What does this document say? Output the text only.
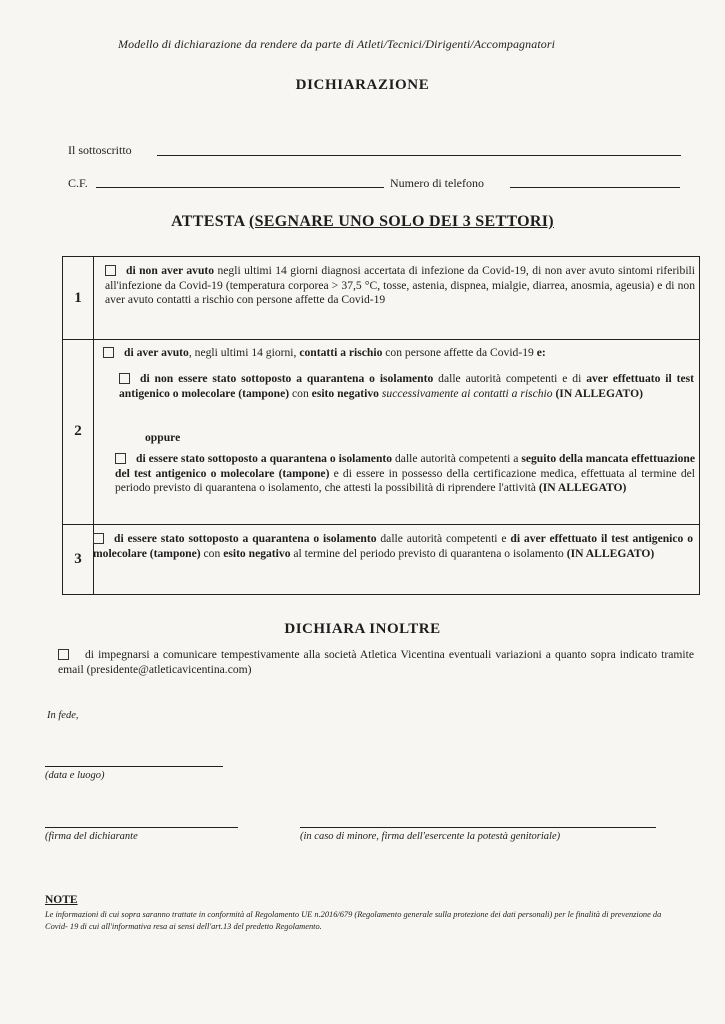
Modello di dichiarazione da rendere da parte di Atleti/Tecnici/Dirigenti/Accompagnatori
DICHIARAZIONE
Il sottoscritto
C.F.	Numero di telefono
ATTESTA (SEGNARE UNO SOLO DEI 3 SETTORI)
1
di non aver avuto negli ultimi 14 giorni diagnosi accertata di infezione da Covid-19, di non aver avuto sintomi riferibili all'infezione da Covid-19 (temperatura corporea > 37,5 °C, tosse, astenia, dispnea, mialgie, diarrea, anosmia, ageusia) e di non aver avuto contatti a rischio con persone affette da Covid-19
2
di aver avuto, negli ultimi 14 giorni, contatti a rischio con persone affette da Covid-19 e:
di non essere stato sottoposto a quarantena o isolamento dalle autorità competenti e di aver effettuato il test antigenico o molecolare (tampone) con esito negativo successivamente ai contatti a rischio (IN ALLEGATO)
oppure
di essere stato sottoposto a quarantena o isolamento dalle autorità competenti a seguito della mancata effettuazione del test antigenico o molecolare (tampone) e di essere in possesso della certificazione medica, effettuata al termine del periodo previsto di quarantena o isolamento, che attesti la possibilità di riprendere l'attività (IN ALLEGATO)
3
di essere stato sottoposto a quarantena o isolamento dalle autorità competenti e di aver effettuato il test antigenico o molecolare (tampone) con esito negativo al termine del periodo previsto di quarantena o isolamento (IN ALLEGATO)
DICHIARA INOLTRE
di impegnarsi a comunicare tempestivamente alla società Atletica Vicentina eventuali variazioni a quanto sopra indicato tramite email (presidente@atleticavicentina.com)
In fede,
(data e luogo)
(firma del dichiarante	(in caso di minore, firma dell'esercente la potestà genitoriale)
NOTE
Le informazioni di cui sopra saranno trattate in conformità al Regolamento UE n.2016/679 (Regolamento generale sulla protezione dei dati personali) per le finalità di prevenzione da Covid- 19 di cui all'informativa resa ai sensi dell'art.13 del predetto Regolamento.
